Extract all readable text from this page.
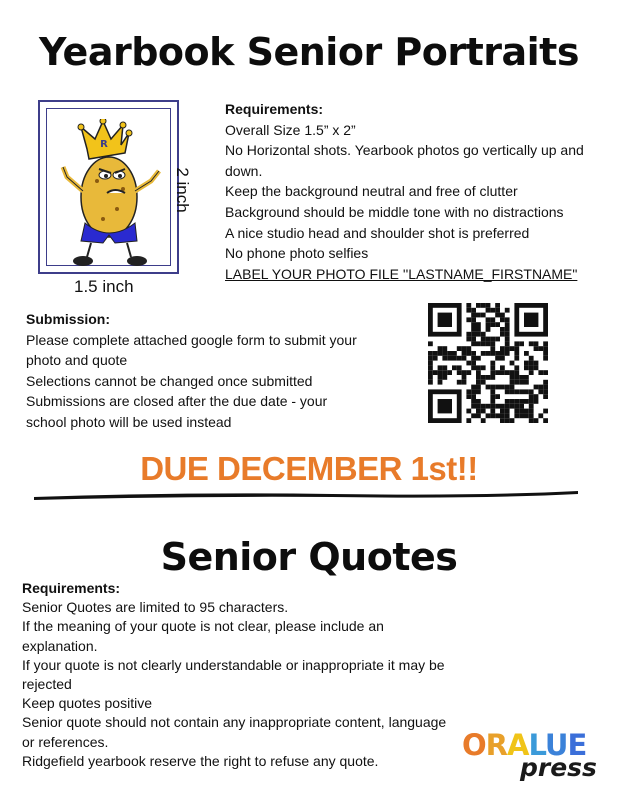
Yearbook Senior Portraits
R
1.5 inch
2 inch
Requirements:
Overall Size 1.5” x 2”
No Horizontal shots. Yearbook photos go vertically up and down.
Keep the background neutral and free of clutter
Background should be middle tone with no distractions
A nice studio head and shoulder shot is preferred
No phone photo selfies
LABEL YOUR PHOTO FILE ''LASTNAME_FIRSTNAME"
Submission:
Please complete attached google form to submit your photo and quote
Selections cannot be changed once submitted
Submissions are closed after the due date - your school photo will be used instead
DUE DECEMBER 1st!!
Senior Quotes
Requirements:
Senior Quotes are limited to 95 characters.
If the meaning of your quote is not clear, please include an explanation.
If your quote is not clearly understandable or inappropriate it may be rejected
Keep quotes positive
Senior quote should not contain any inappropriate content, language or references.
Ridgefield yearbook reserve the right to refuse any quote.	ORALUE
press
